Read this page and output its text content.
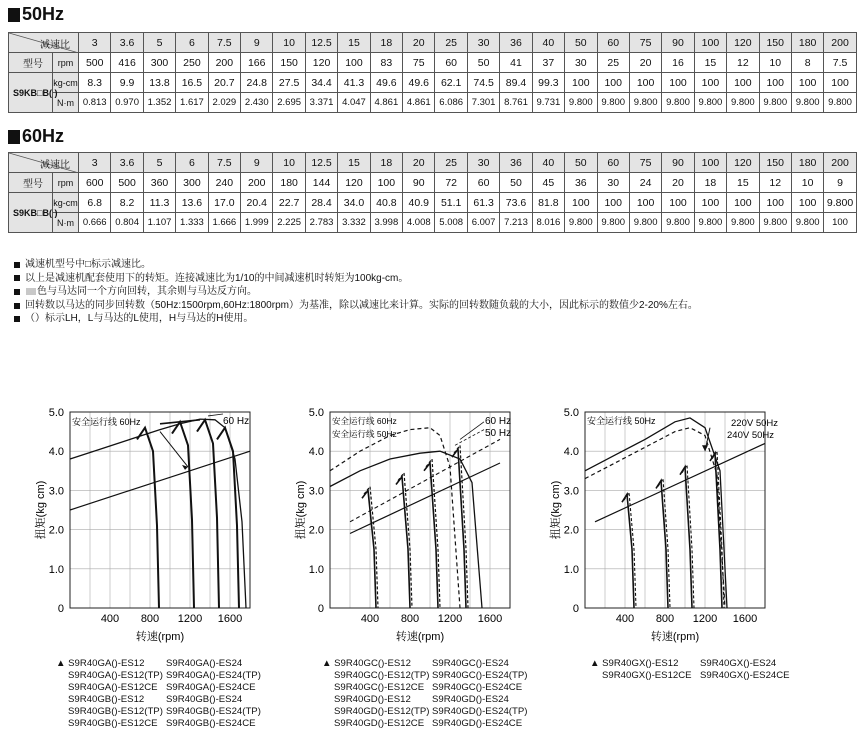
50Hz
减速比		3	3.6	5	6	7.5	9	10	12.5	15	18	20	25	30	36	40	50	60	75	90	100	120	150	180	200
型号	rpm	500	416	300	250	200	166	150	120	100	83	75	60	50	41	37	30	25	20	16	15	12	10	8	7.5
S9KB□B( )	kg-cm	8.3	9.9	13.8	16.5	20.7	24.8	27.5	34.4	41.3	49.6	49.6	62.1	74.5	89.4	99.3	100	100	100	100	100	100	100	100	100
	N·m	0.813	0.970	1.352	1.617	2.029	2.430	2.695	3.371	4.047	4.861	4.861	6.086	7.301	8.761	9.731	9.800	9.800	9.800	9.800	9.800	9.800	9.800	9.800	9.800
60Hz
减速比		3	3.6	5	6	7.5	9	10	12.5	15	18	20	25	30	36	40	50	60	75	90	100	120	150	180	200
型号	rpm	600	500	360	300	240	200	180	144	120	100	90	72	60	50	45	36	30	24	20	18	15	12	10	9
S9KB□B( )	kg-cm	6.8	8.2	11.3	13.6	17.0	20.4	22.7	28.4	34.0	40.8	40.9	51.1	61.3	73.6	81.8	100	100	100	100	100	100	100	100	9.800
	N·m	0.666	0.804	1.107	1.333	1.666	1.999	2.225	2.783	3.332	3.998	4.008	5.008	6.007	7.213	8.016	9.800	9.800	9.800	9.800	9.800	9.800	9.800	9.800	100
减速机型号中□标示减速比。
以上是减速机配套使用下的转矩。连接减速比为1/10的中间减速机时转矩为100kg-cm。
色与马达同一个方向回转，其余则与马达反方向。
回转数以马达的同步回转数（50Hz:1500rpm,60Hz:1800rpm）为基准，除以减速比来计算。实际的回转数随负载的大小，因此标示的数值少2-20%左右。
（）标示LH，L与马达的L使用，H与马达的H使用。
0
1.0
2.0
3.0
4.0
5.0
400 800 1200 1600
转速(rpm)
扭矩(kg cm)
安全运行线 60Hz	60 Hz
0
1.0
2.0
3.0
4.0
5.0
400 800 1200 1600
转速(rpm)
扭矩(kg cm)
安全运行线 60Hz
安全运行线 50Hz
60 Hz
50 Hz
0
1.0
2.0
3.0
4.0
5.0
400 800 1200 1600
转速(rpm)
扭矩(kg cm)
安全运行线 50Hz	220V 50Hz
240V 50Hz
▲ S9R40GA()-ES12	S9R40GA()-ES24
S9R40GA()-ES12(TP) S9R40GA()-ES24(TP)
S9R40GA()-ES12CE S9R40GA()-ES24CE
S9R40GB()-ES12	S9R40GB()-ES24
S9R40GB()-ES12(TP) S9R40GB()-ES24(TP)
S9R40GB()-ES12CE S9R40GB()-ES24CE
▲ S9R40GC()-ES12	S9R40GC()-ES24
S9R40GC()-ES12(TP) S9R40GC()-ES24(TP)
S9R40GC()-ES12CE S9R40GC()-ES24CE
S9R40GD()-ES12	S9R40GD()-ES24
S9R40GD()-ES12(TP) S9R40GD()-ES24(TP)
S9R40GD()-ES12CE S9R40GD()-ES24CE
▲ S9R40GX()-ES12	S9R40GX()-ES24
S9R40GX()-ES12CE S9R40GX()-ES24CE
